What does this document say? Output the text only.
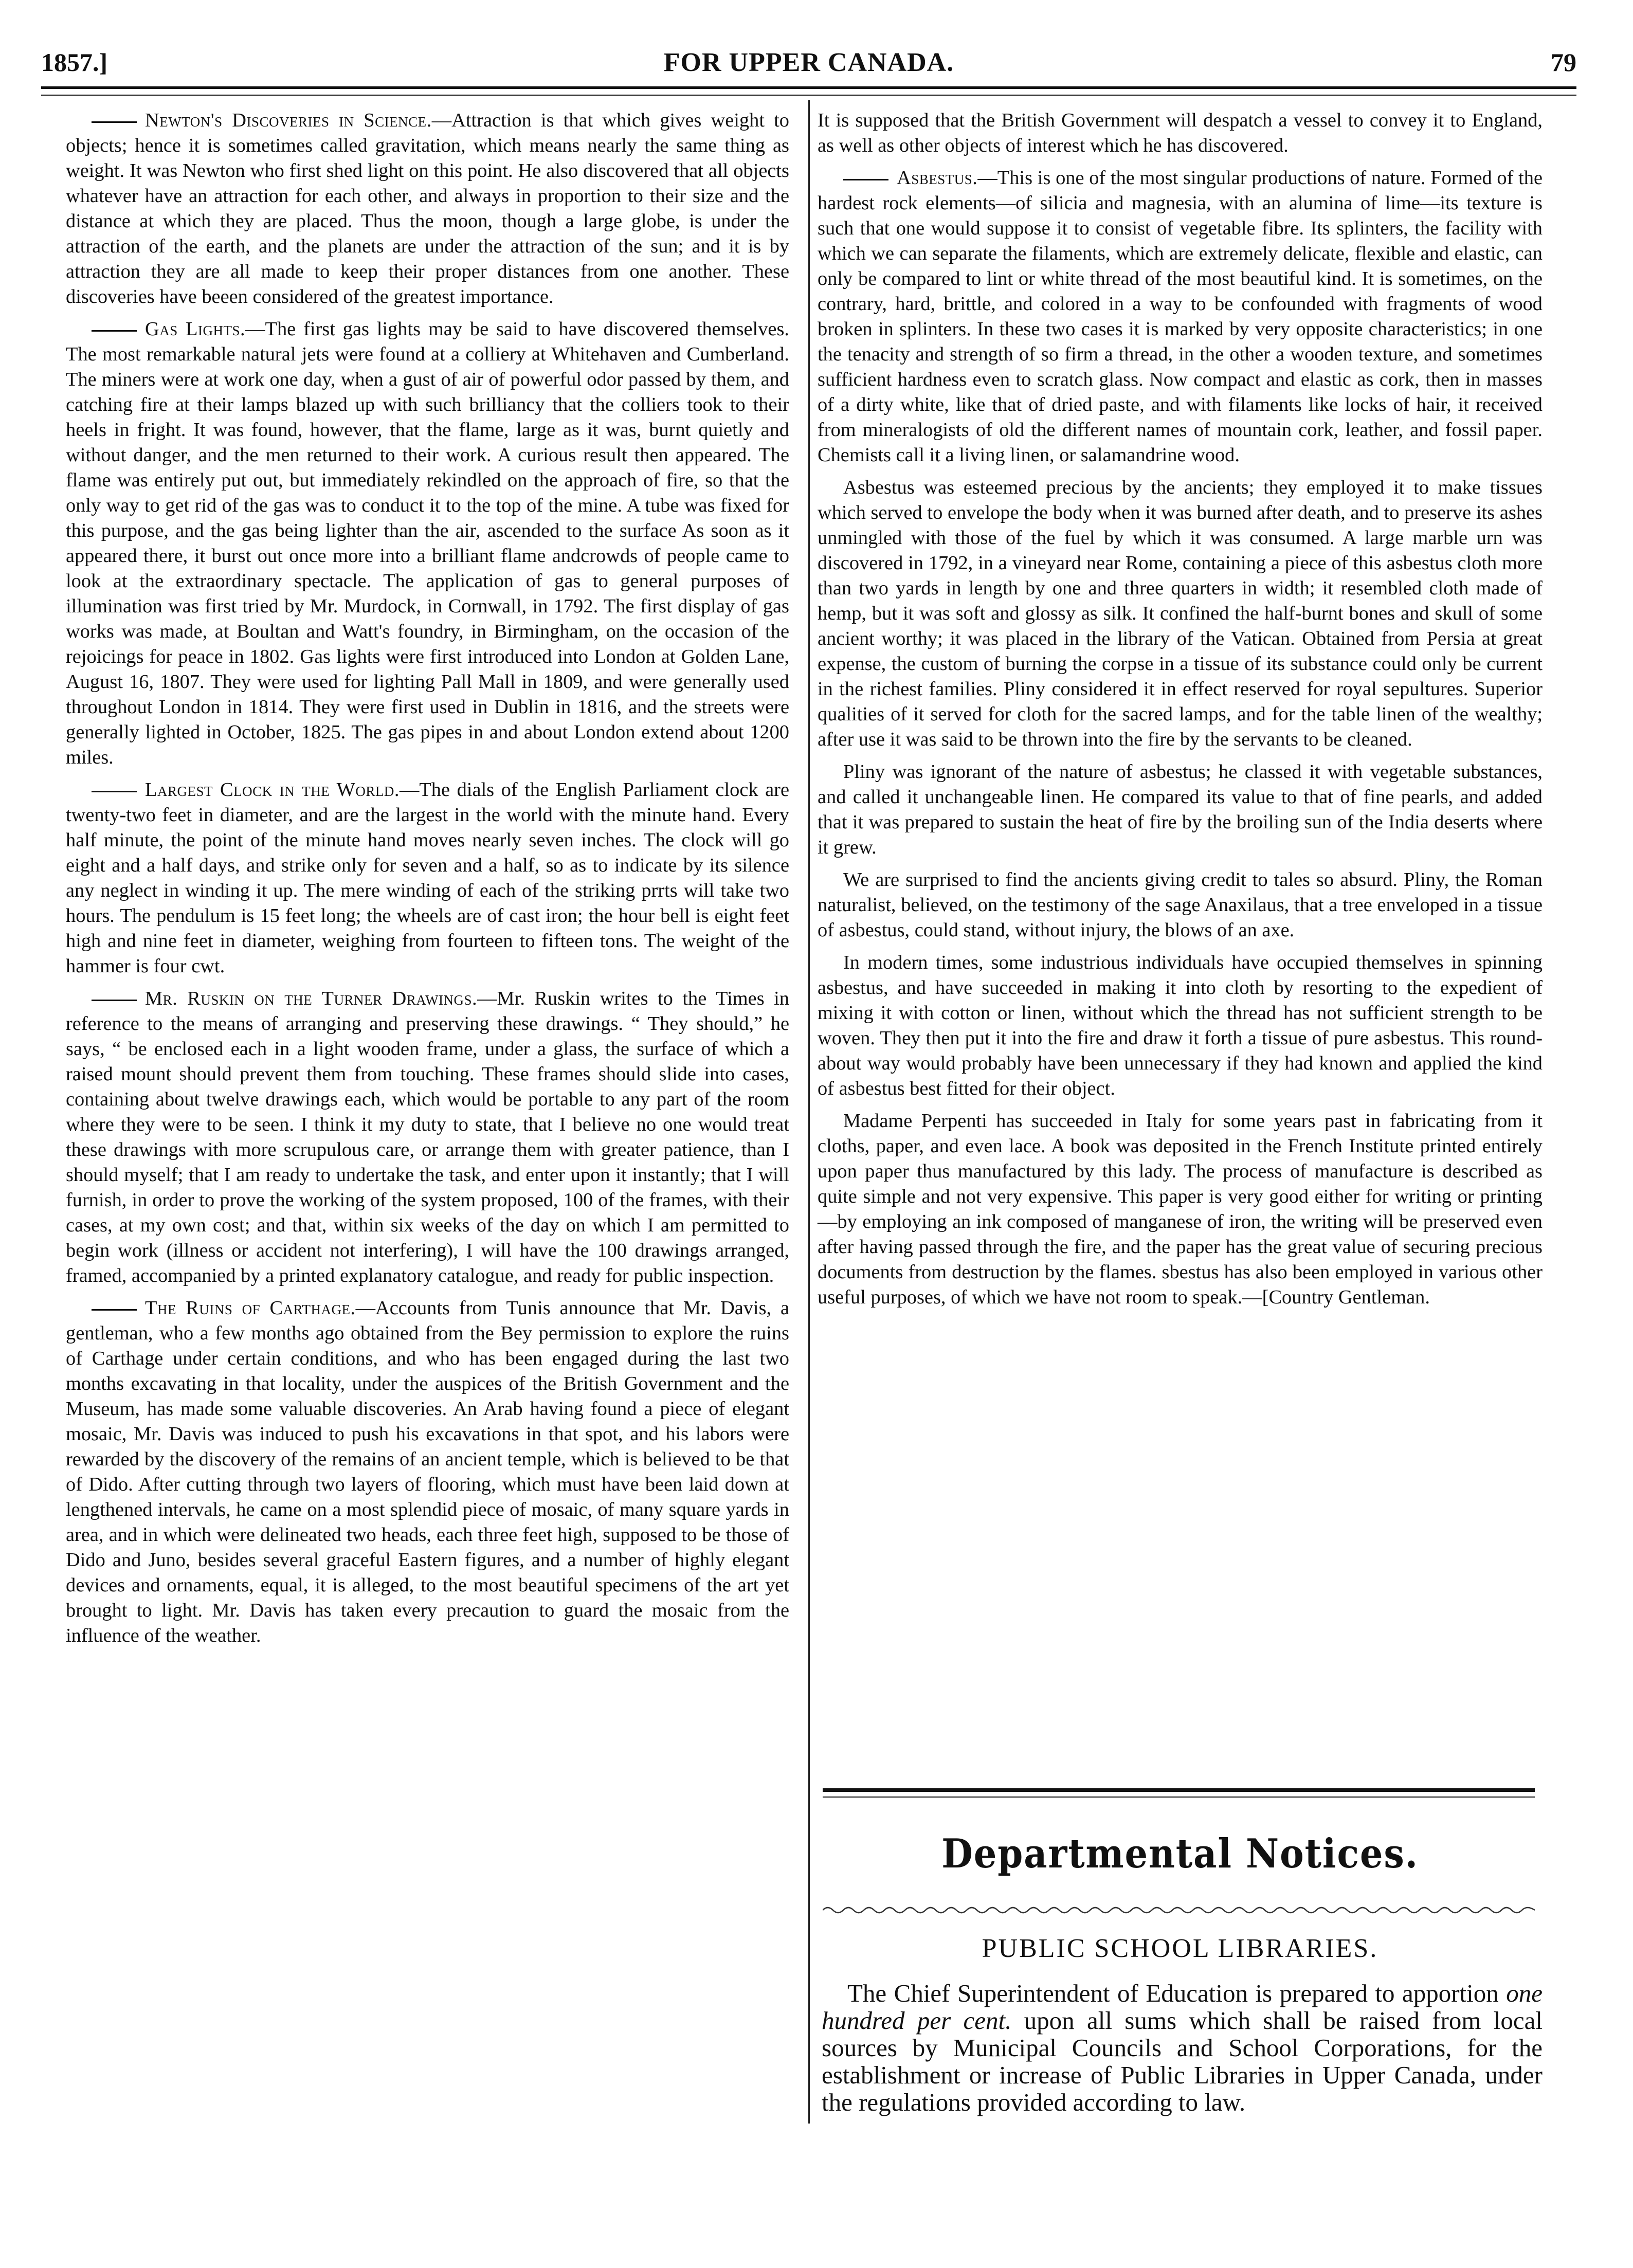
1857.]	FOR UPPER CANADA.	79

Newton's Discoveries in Science.—Attraction is that which gives weight to objects; hence it is sometimes called gravitation, which means nearly the same thing as weight. It was Newton who first shed light on this point. He also discovered that all objects whatever have an attraction for each other, and always in proportion to their size and the distance at which they are placed. Thus the moon, though a large globe, is under the attraction of the earth, and the planets are under the attraction of the sun; and it is by attraction they are all made to keep their proper distances from one another. These discoveries have beeen considered of the greatest importance.

Gas Lights.—The first gas lights may be said to have discovered themselves. The most remarkable natural jets were found at a colliery at Whitehaven and Cumberland. The miners were at work one day, when a gust of air of powerful odor passed by them, and catching fire at their lamps blazed up with such brilliancy that the colliers took to their heels in fright. It was found, however, that the flame, large as it was, burnt quietly and without danger, and the men returned to their work. A curious result then appeared. The flame was entirely put out, but immediately rekindled on the approach of fire, so that the only way to get rid of the gas was to conduct it to the top of the mine. A tube was fixed for this purpose, and the gas being lighter than the air, ascended to the surface As soon as it appeared there, it burst out once more into a brilliant flame andcrowds of people came to look at the extraordinary spectacle. The application of gas to general purposes of illumination was first tried by Mr. Murdock, in Cornwall, in 1792. The first display of gas works was made, at Boultan and Watt's foundry, in Birmingham, on the occasion of the rejoicings for peace in 1802. Gas lights were first introduced into London at Golden Lane, August 16, 1807. They were used for lighting Pall Mall in 1809, and were generally used throughout London in 1814. They were first used in Dublin in 1816, and the streets were generally lighted in October, 1825. The gas pipes in and about London extend about 1200 miles.

Largest Clock in the World.—The dials of the English Parliament clock are twenty-two feet in diameter, and are the largest in the world with the minute hand. Every half minute, the point of the minute hand moves nearly seven inches. The clock will go eight and a half days, and strike only for seven and a half, so as to indicate by its silence any neglect in winding it up. The mere winding of each of the striking prrts will take two hours. The pendulum is 15 feet long; the wheels are of cast iron; the hour bell is eight feet high and nine feet in diameter, weighing from fourteen to fifteen tons. The weight of the hammer is four cwt.

Mr. Ruskin on the Turner Drawings.—Mr. Ruskin writes to the Times in reference to the means of arranging and preserving these drawings. “ They should,” he says, “ be enclosed each in a light wooden frame, under a glass, the surface of which a raised mount should prevent them from touching. These frames should slide into cases, containing about twelve drawings each, which would be portable to any part of the room where they were to be seen. I think it my duty to state, that I believe no one would treat these drawings with more scrupulous care, or arrange them with greater patience, than I should myself; that I am ready to undertake the task, and enter upon it instantly; that I will furnish, in order to prove the working of the system proposed, 100 of the frames, with their cases, at my own cost; and that, within six weeks of the day on which I am permitted to begin work (illness or accident not interfering), I will have the 100 drawings arranged, framed, accompanied by a printed explanatory catalogue, and ready for public inspection.

The Ruins of Carthage.—Accounts from Tunis announce that Mr. Davis, a gentleman, who a few months ago obtained from the Bey permission to explore the ruins of Carthage under certain conditions, and who has been engaged during the last two months excavating in that locality, under the auspices of the British Government and the Museum, has made some valuable discoveries. An Arab having found a piece of elegant mosaic, Mr. Davis was induced to push his excavations in that spot, and his labors were rewarded by the discovery of the remains of an ancient temple, which is believed to be that of Dido. After cutting through two layers of flooring, which must have been laid down at lengthened intervals, he came on a most splendid piece of mosaic, of many square yards in area, and in which were delineated two heads, each three feet high, supposed to be those of Dido and Juno, besides several graceful Eastern figures, and a number of highly elegant devices and ornaments, equal, it is alleged, to the most beautiful specimens of the art yet brought to light. Mr. Davis has taken every precaution to guard the mosaic from the influence of the weather.

It is supposed that the British Government will despatch a vessel to convey it to England, as well as other objects of interest which he has discovered.

Asbestus.—This is one of the most singular productions of nature. Formed of the hardest rock elements—of silicia and magnesia, with an alumina of lime—its texture is such that one would suppose it to consist of vegetable fibre. Its splinters, the facility with which we can separate the filaments, which are extremely delicate, flexible and elastic, can only be compared to lint or white thread of the most beautiful kind. It is sometimes, on the contrary, hard, brittle, and colored in a way to be confounded with fragments of wood broken in splinters. In these two cases it is marked by very opposite characteristics; in one the tenacity and strength of so firm a thread, in the other a wooden texture, and sometimes sufficient hardness even to scratch glass. Now compact and elastic as cork, then in masses of a dirty white, like that of dried paste, and with filaments like locks of hair, it received from mineralogists of old the different names of mountain cork, leather, and fossil paper. Chemists call it a living linen, or salamandrine wood.

Asbestus was esteemed precious by the ancients; they employed it to make tissues which served to envelope the body when it was burned after death, and to preserve its ashes unmingled with those of the fuel by which it was consumed. A large marble urn was discovered in 1792, in a vineyard near Rome, containing a piece of this asbestus cloth more than two yards in length by one and three quarters in width; it resembled cloth made of hemp, but it was soft and glossy as silk. It confined the half-burnt bones and skull of some ancient worthy; it was placed in the library of the Vatican. Obtained from Persia at great expense, the custom of burning the corpse in a tissue of its substance could only be current in the richest families. Pliny considered it in effect reserved for royal sepultures. Superior qualities of it served for cloth for the sacred lamps, and for the table linen of the wealthy; after use it was said to be thrown into the fire by the servants to be cleaned.

Pliny was ignorant of the nature of asbestus; he classed it with vegetable substances, and called it unchangeable linen. He compared its value to that of fine pearls, and added that it was prepared to sustain the heat of fire by the broiling sun of the India deserts where it grew.

We are surprised to find the ancients giving credit to tales so absurd. Pliny, the Roman naturalist, believed, on the testimony of the sage Anaxilaus, that a tree enveloped in a tissue of asbestus, could stand, without injury, the blows of an axe.

In modern times, some industrious individuals have occupied themselves in spinning asbestus, and have succeeded in making it into cloth by resorting to the expedient of mixing it with cotton or linen, without which the thread has not sufficient strength to be woven. They then put it into the fire and draw it forth a tissue of pure asbestus. This round-about way would probably have been unnecessary if they had known and applied the kind of asbestus best fitted for their object.

Madame Perpenti has succeeded in Italy for some years past in fabricating from it cloths, paper, and even lace. A book was deposited in the French Institute printed entirely upon paper thus manufactured by this lady. The process of manufacture is described as quite simple and not very expensive. This paper is very good either for writing or printing—by employing an ink composed of manganese of iron, the writing will be preserved even after having passed through the fire, and the paper has the great value of securing precious documents from destruction by the flames. sbestus has also been employed in various other useful purposes, of which we have not room to speak.—[Country Gentleman.

Departmental Notices.
PUBLIC SCHOOL LIBRARIES.

The Chief Superintendent of Education is prepared to apportion one hundred per cent. upon all sums which shall be raised from local sources by Municipal Councils and School Corporations, for the establishment or increase of Public Libraries in Upper Canada, under the regulations provided according to law.
